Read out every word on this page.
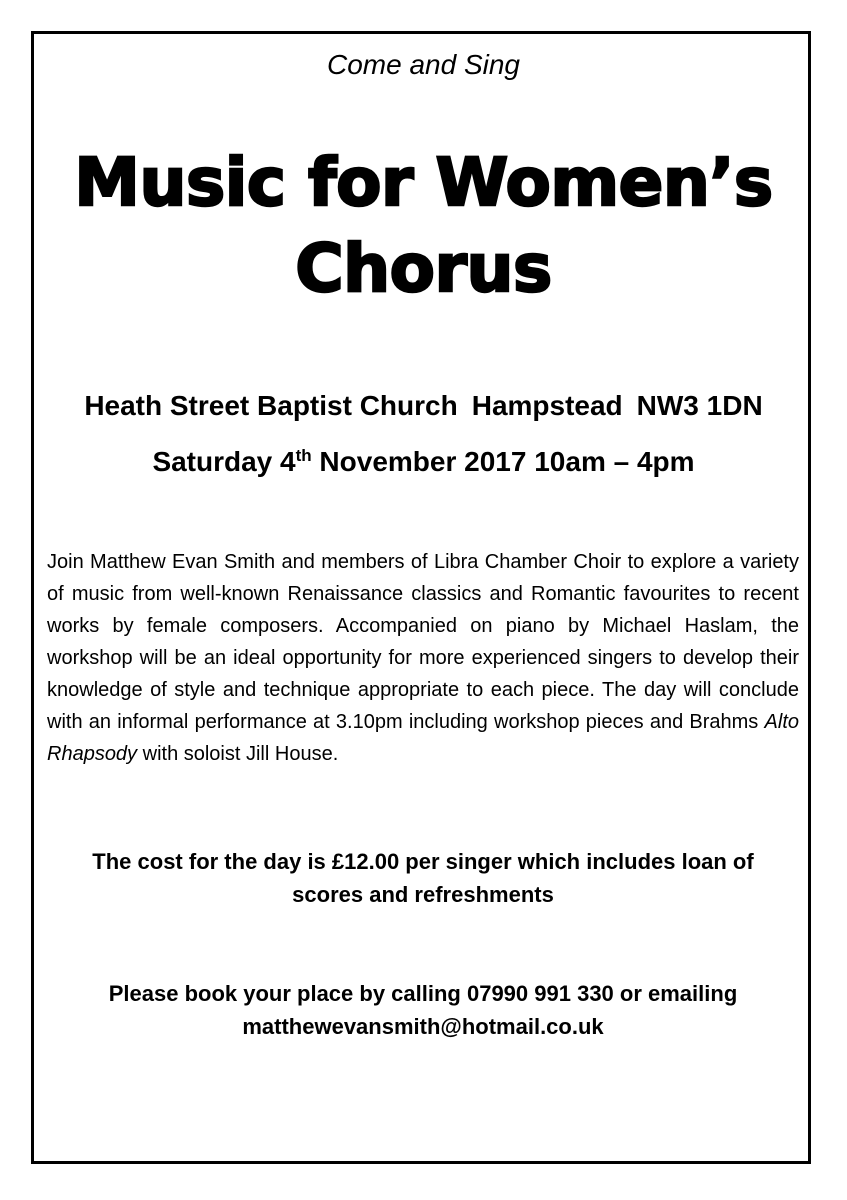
Come and Sing
Music for Women’s
Chorus
Heath Street Baptist Church Hampstead NW3 1DN
Saturday 4th November 2017 10am – 4pm
Join Matthew Evan Smith and members of Libra Chamber Choir to explore a variety of music from well-known Renaissance classics and Romantic favourites to recent works by female composers. Accompanied on piano by Michael Haslam, the workshop will be an ideal opportunity for more experienced singers to develop their knowledge of style and technique appropriate to each piece. The day will conclude with an informal performance at 3.10pm including workshop pieces and Brahms Alto Rhapsody with soloist Jill House.
The cost for the day is £12.00 per singer which includes loan of
scores and refreshments
Please book your place by calling 07990 991 330 or emailing
matthewevansmith@hotmail.co.uk
